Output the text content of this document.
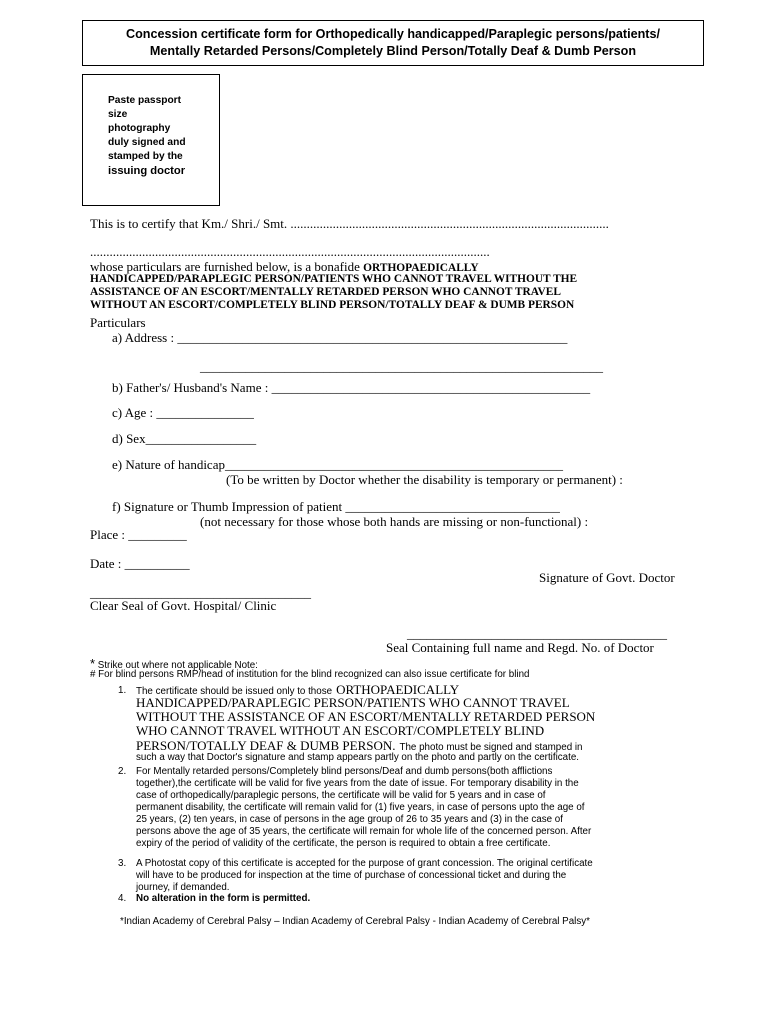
Concession certificate form for Orthopedically handicapped/Paraplegic persons/patients/
Mentally Retarded Persons/Completely Blind Person/Totally Deaf & Dumb Person
Paste passport
size
photography
duly signed and
stamped by the
issuing doctor
This is to certify that Km./ Shri./ Smt. ..................................................................................................
...........................................................................................................................
whose particulars are furnished below, is a bonafide ORTHOPAEDICALLY
HANDICAPPED/PARAPLEGIC PERSON/PATIENTS WHO CANNOT TRAVEL WITHOUT THE
ASSISTANCE OF AN ESCORT/MENTALLY RETARDED PERSON WHO CANNOT TRAVEL
WITHOUT AN ESCORT/COMPLETELY BLIND PERSON/TOTALLY DEAF & DUMB PERSON
Particulars
a) Address : ____________________________________________________________
______________________________________________________________
b) Father's/ Husband's Name : _________________________________________________
c) Age : _______________
d) Sex_________________
e) Nature of handicap____________________________________________________
(To be written by Doctor whether the disability is temporary or permanent) :
f) Signature or Thumb Impression of patient _________________________________
(not necessary for those whose both hands are missing or non-functional) :
Place : _________
Date : __________
Signature of Govt. Doctor
__________________________________
Clear Seal of Govt. Hospital/ Clinic
________________________________________
Seal Containing full name and Regd. No. of Doctor
* Strike out where not applicable Note:
# For blind persons RMP/head of institution for the blind recognized can also issue certificate for blind
1. The certificate should be issued only to those ORTHOPAEDICALLY
HANDICAPPED/PARAPLEGIC PERSON/PATIENTS WHO CANNOT TRAVEL
WITHOUT THE ASSISTANCE OF AN ESCORT/MENTALLY RETARDED PERSON
WHO CANNOT TRAVEL WITHOUT AN ESCORT/COMPLETELY BLIND
PERSON/TOTALLY DEAF & DUMB PERSON. The photo must be signed and stamped in
such a way that Doctor's signature and stamp appears partly on the photo and partly on the certificate.
2. For Mentally retarded persons/Completely blind persons/Deaf and dumb persons(both afflictions
together),the certificate will be valid for five years from the date of issue. For temporary disability in the
case of orthopedically/paraplegic persons, the certificate will be valid for 5 years and in case of
permanent disability, the certificate will remain valid for (1) five years, in case of persons upto the age of
25 years, (2) ten years, in case of persons in the age group of 26 to 35 years and (3) in the case of
persons above the age of 35 years, the certificate will remain for whole life of the concerned person. After
expiry of the period of validity of the certificate, the person is required to obtain a free certificate.
3. A Photostat copy of this certificate is accepted for the purpose of grant concession. The original certificate
will have to be produced for inspection at the time of purchase of concessional ticket and during the
journey, if demanded.
4. No alteration in the form is permitted.
*Indian Academy of Cerebral Palsy – Indian Academy of Cerebral Palsy - Indian Academy of Cerebral Palsy*
